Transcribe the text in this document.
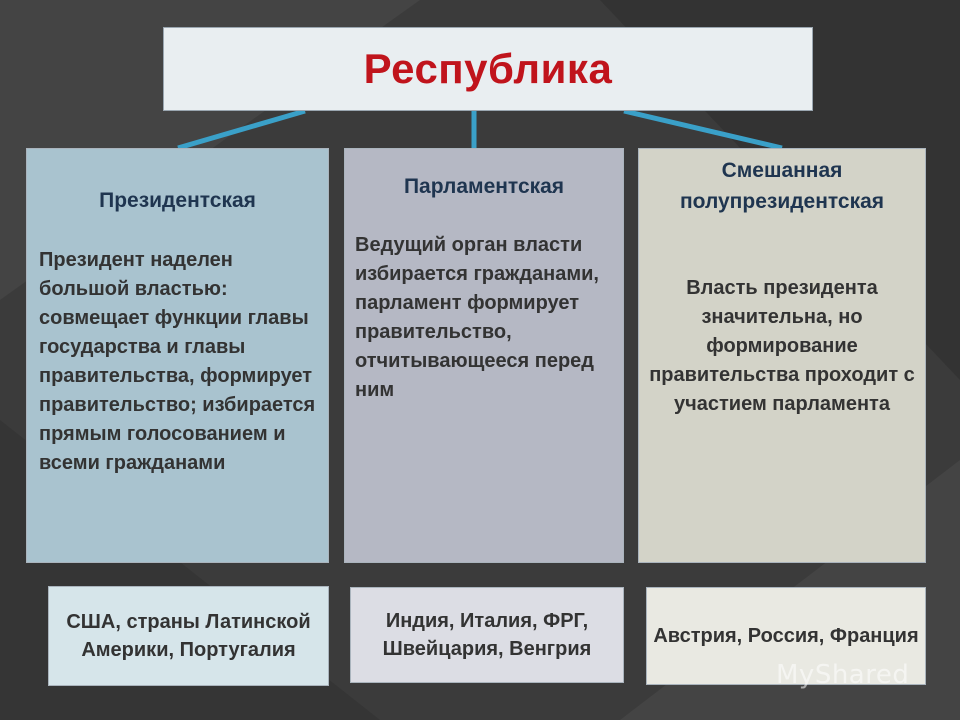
Республика
Президентская
Президент наделен большой властью: совмещает функции главы государства и главы правительства, формирует правительство; избирается прямым голосованием и всеми гражданами
Парламентская
Ведущий орган власти избирается гражданами, парламент формирует правительство, отчитывающееся перед ним
Смешанная полупрезидентская
Власть президента значительна, но формирование правительства проходит с участием парламента
США, страны Латинской Америки, Португалия
Индия, Италия, ФРГ, Швейцария, Венгрия
Австрия, Россия, Франция
MyShared
